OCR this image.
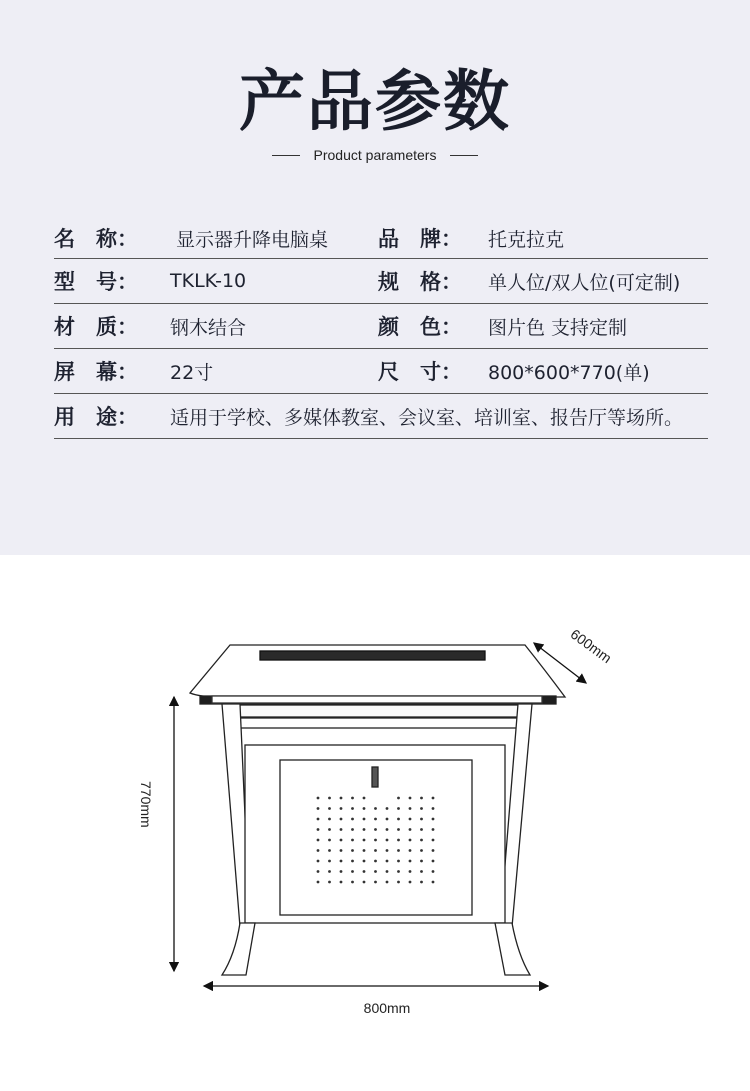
产品参数
Product parameters
名　称：	显示器升降电脑桌 品　牌：	托克拉克
型　号：	TKLK-10	规　格：	单人位/双人位(可定制)
材　质：	钢木结合	颜　色：	图片色 支持定制
屏　幕：	22寸	尺　寸：	800*600*770(单)
用　途：	适用于学校、多媒体教室、会议室、培训室、报告厅等场所。
600mm
770mm
800mm
